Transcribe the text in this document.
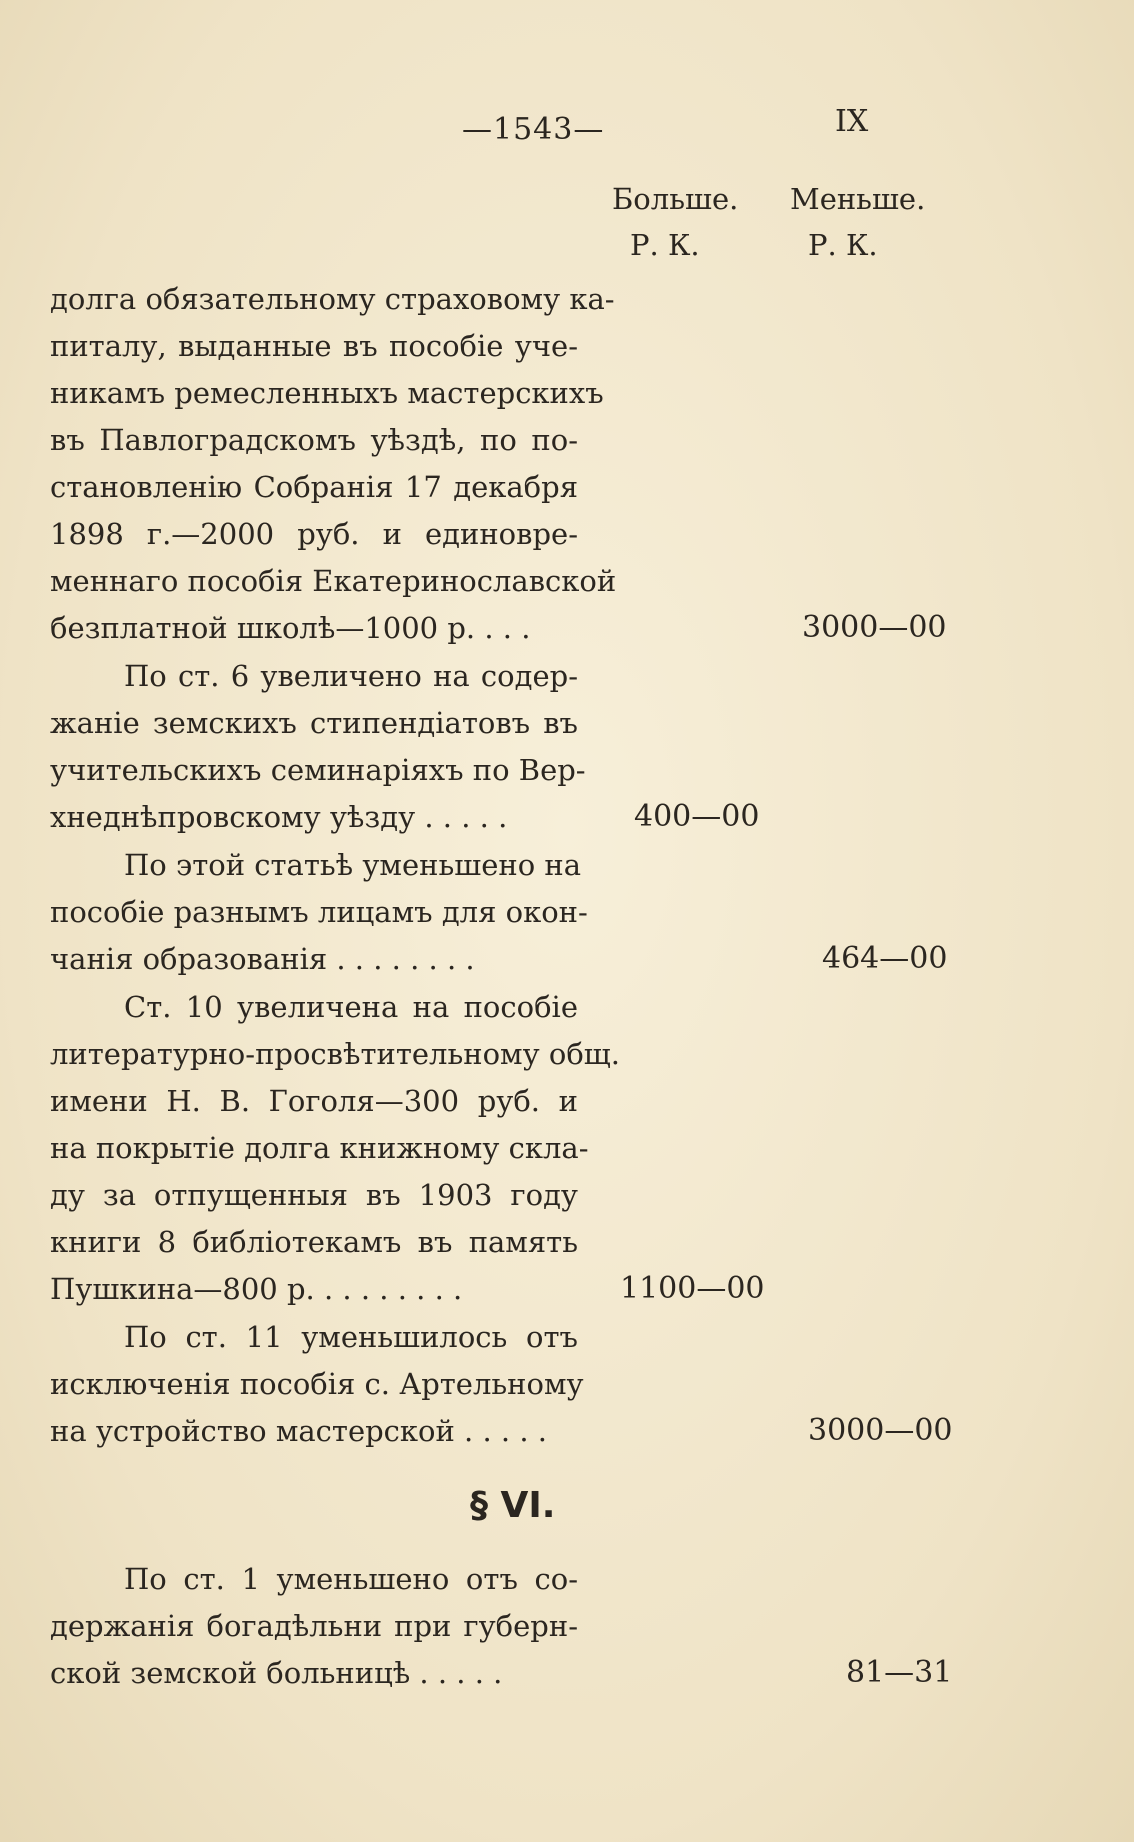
—1543—	IX
Больше.
Р. К.
Меньше.
Р. К.
долга обязательному страховому ка-
питалу, выданные въ пособіе уче-
никамъ ремесленныхъ мастерскихъ
въ Павлоградскомъ уѣздѣ, по по-
становленію Собранія 17 декабря
1898 г.—2000 руб. и единовре-
меннаго пособія Екатеринославской
безплатной школѣ—1000 р. . . .	3000—00
По ст. 6 увеличено на содер-
жаніе земскихъ стипендіатовъ въ
учительскихъ семинаріяхъ по Вер-
хнеднѣпровскому уѣзду . . . . .	400—00
По этой статьѣ уменьшено на
пособіе разнымъ лицамъ для окон-
чанія образованія . . . . . . . .	464—00
Ст. 10 увеличена на пособіе
литературно-просвѣтительному общ.
имени Н. В. Гоголя—300 руб. и
на покрытіе долга книжному скла-
ду за отпущенныя въ 1903 году
книги 8 библіотекамъ въ память
Пушкина—800 р. . . . . . . . .	1100—00
По ст. 11 уменьшилось отъ
исключенія пособія с. Артельному
на устройство мастерской . . . . .	3000—00
§ VI.
По ст. 1 уменьшено отъ со-
держанія богадѣльни при губерн-
ской земской больницѣ . . . . .	81—31
